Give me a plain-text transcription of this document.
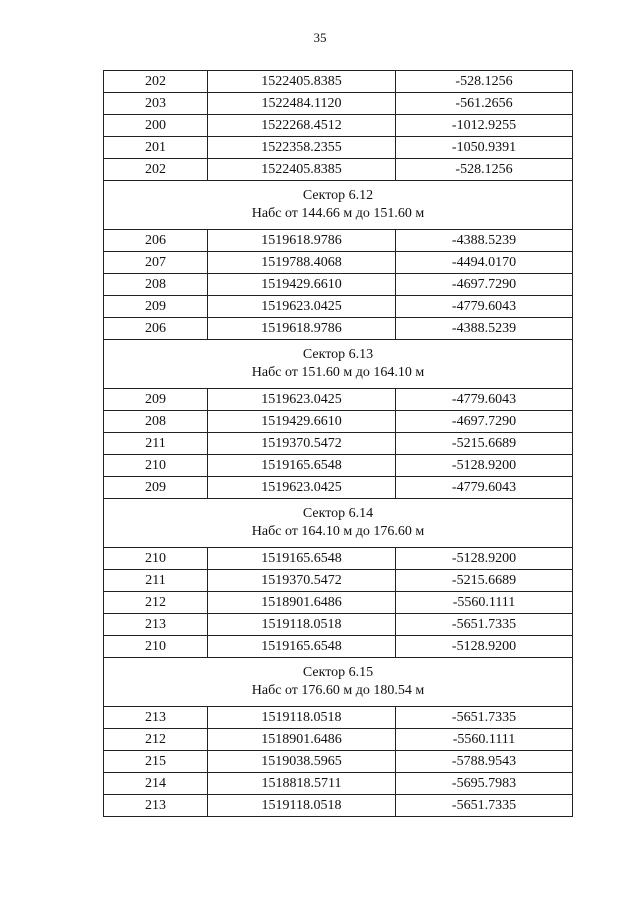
35
202	1522405.8385	-528.1256
203	1522484.1120	-561.2656
200	1522268.4512	-1012.9255
201	1522358.2355	-1050.9391
202	1522405.8385	-528.1256

Сектор 6.12
Набс от 144.66 м до 151.60 м		

206	1519618.9786	-4388.5239
207	1519788.4068	-4494.0170
208	1519429.6610	-4697.7290
209	1519623.0425	-4779.6043
206	1519618.9786	-4388.5239

Сектор 6.13
Набс от 151.60 м до 164.10 м		

209	1519623.0425	-4779.6043
208	1519429.6610	-4697.7290
211	1519370.5472	-5215.6689
210	1519165.6548	-5128.9200
209	1519623.0425	-4779.6043

Сектор 6.14
Набс от 164.10 м до 176.60 м		

210	1519165.6548	-5128.9200
211	1519370.5472	-5215.6689
212	1518901.6486	-5560.1111
213	1519118.0518	-5651.7335
210	1519165.6548	-5128.9200

Сектор 6.15
Набс от 176.60 м до 180.54 м		

213	1519118.0518	-5651.7335
212	1518901.6486	-5560.1111
215	1519038.5965	-5788.9543
214	1518818.5711	-5695.7983
213	1519118.0518	-5651.7335
